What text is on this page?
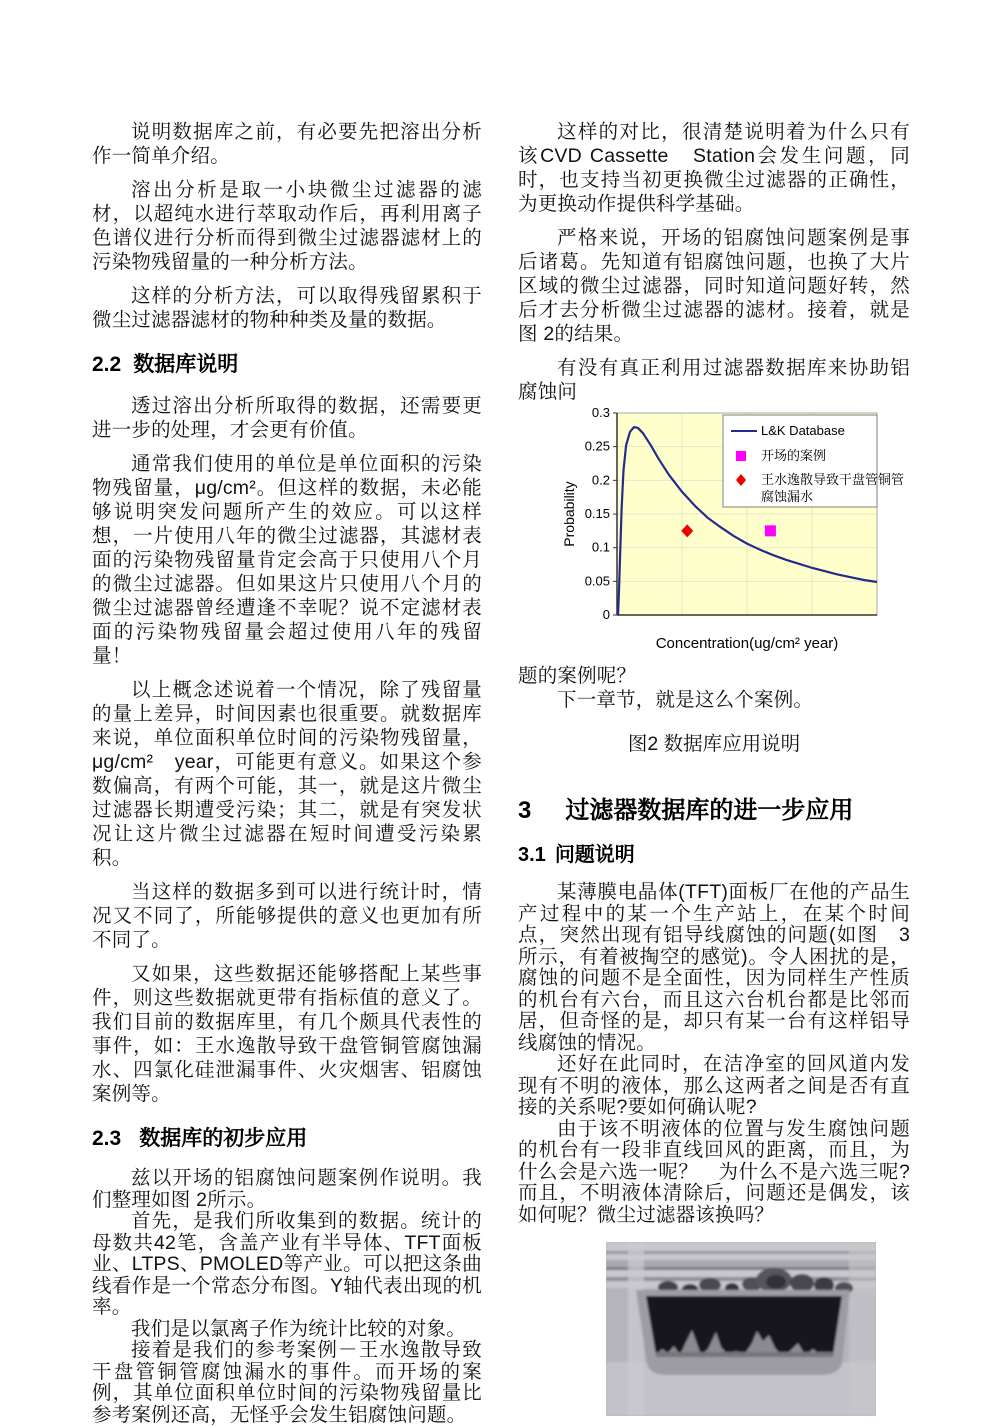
说明数据库之前，有必要先把溶出分析作一简单介绍。

溶出分析是取一小块微尘过滤器的滤材，以超纯水进行萃取动作后，再利用离子色谱仪进行分析而得到微尘过滤器滤材上的污染物残留量的一种分析方法。

这样的分析方法，可以取得残留累积于微尘过滤器滤材的物种种类及量的数据。

2.2 数据库说明

透过溶出分析所取得的数据，还需要更进一步的处理，才会更有价值。

通常我们使用的单位是单位面积的污染物残留量，μg/cm²。但这样的数据，未必能够说明突发问题所产生的效应。可以这样想，一片使用八年的微尘过滤器，其滤材表面的污染物残留量肯定会高于只使用八个月的微尘过滤器。但如果这片只使用八个月的微尘过滤器曾经遭逢不幸呢？说不定滤材表面的污染物残留量会超过使用八年的残留量！

以上概念述说着一个情况，除了残留量的量上差异，时间因素也很重要。就数据库来说，单位面积单位时间的污染物残留量，μg/cm²　year，可能更有意义。如果这个参数偏高，有两个可能，其一，就是这片微尘过滤器长期遭受污染；其二，就是有突发状况让这片微尘过滤器在短时间遭受污染累积。

当这样的数据多到可以进行统计时，情况又不同了，所能够提供的意义也更加有所不同了。

又如果，这些数据还能够搭配上某些事件，则这些数据就更带有指标值的意义了。我们目前的数据库里，有几个颇具代表性的事件，如：王水逸散导致干盘管铜管腐蚀漏水、四氯化硅泄漏事件、火灾烟害、铝腐蚀案例等。

2.3 数据库的初步应用

兹以开场的铝腐蚀问题案例作说明。我们整理如图 2所示。

首先，是我们所收集到的数据。统计的母数共42笔，含盖产业有半导体、TFT面板业、LTPS、PMOLED等产业。可以把这条曲线看作是一个常态分布图。Y轴代表出现的机率。

我们是以氯离子作为统计比较的对象。

接着是我们的参考案例－王水逸散导致干盘管铜管腐蚀漏水的事件。而开场的案例，其单位面积单位时间的污染物残留量比参考案例还高，无怪乎会发生铝腐蚀问题。

这样的对比，很清楚说明着为什么只有该CVD Cassette　Station会发生问题，同时，也支持当初更换微尘过滤器的正确性，为更换动作提供科学基础。

严格来说，开场的铝腐蚀问题案例是事后诸葛。先知道有铝腐蚀问题，也换了大片区域的微尘过滤器，同时知道问题好转，然后才去分析微尘过滤器的滤材。接着，就是图 2的结果。

有没有真正利用过滤器数据库来协助铝腐蚀问

0
0.05
0.1
0.15
0.2
0.25
0.3
Probability
Concentration(ug/cm² year)
L&K Database
开场的案例
王水逸散导致干盘管铜管
腐蚀漏水

题的案例呢？

下一章节，就是这么个案例。

图2 数据库应用说明
3 过滤器数据库的进一步应用
3.1 问题说明

某薄膜电晶体(TFT)面板厂在他的产品生产过程中的某一个生产站上，在某个时间点，突然出现有铝导线腐蚀的问题(如图　3所示，有着被掏空的感觉)。令人困扰的是，腐蚀的问题不是全面性，因为同样生产性质的机台有六台，而且这六台机台都是比邻而居，但奇怪的是，却只有某一台有这样铝导线腐蚀的情况。

还好在此同时，在洁净室的回风道内发现有不明的液体，那么这两者之间是否有直接的关系呢?要如何确认呢?

由于该不明液体的位置与发生腐蚀问题的机台有一段非直线回风的距离，而且，为什么会是六选一呢？　为什么不是六选三呢?而且，不明液体清除后，问题还是偶发，该如何呢？微尘过滤器该换吗？
